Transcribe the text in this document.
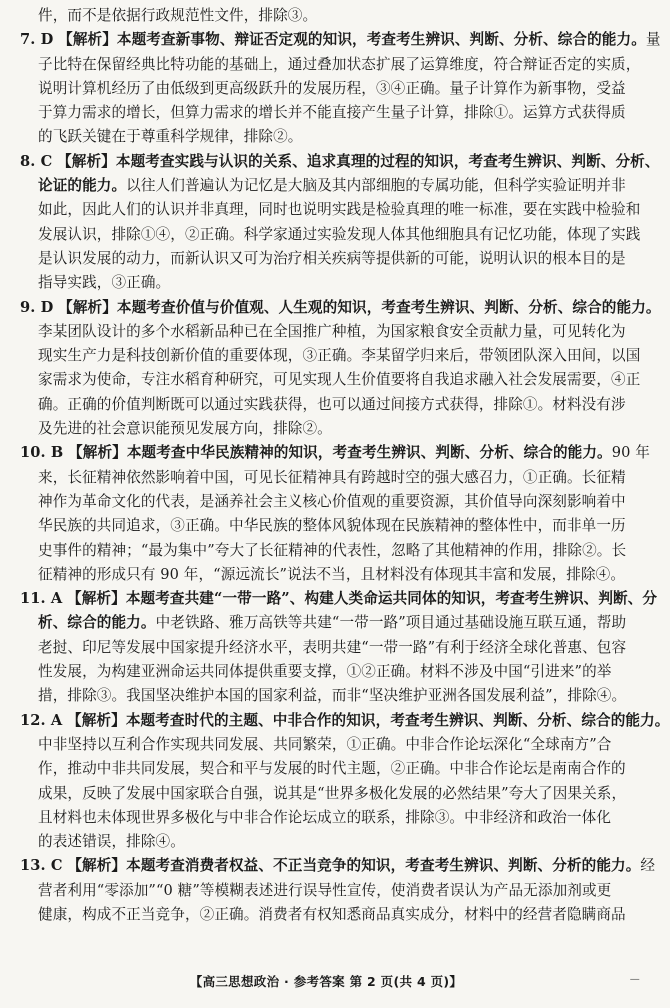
件，而不是依据行政规范性文件，排除③。
7. D 【解析】本题考查新事物、辩证否定观的知识，考查考生辨识、判断、分析、综合的能力。量
子比特在保留经典比特功能的基础上，通过叠加状态扩展了运算维度，符合辩证否定的实质，
说明计算机经历了由低级到更高级跃升的发展历程，③④正确。量子计算作为新事物，受益
于算力需求的增长，但算力需求的增长并不能直接产生量子计算，排除①。运算方式获得质
的飞跃关键在于尊重科学规律，排除②。
8. C 【解析】本题考查实践与认识的关系、追求真理的过程的知识，考查考生辨识、判断、分析、
论证的能力。以往人们普遍认为记忆是大脑及其内部细胞的专属功能，但科学实验证明并非
如此，因此人们的认识并非真理，同时也说明实践是检验真理的唯一标准，要在实践中检验和
发展认识，排除①④，②正确。科学家通过实验发现人体其他细胞具有记忆功能，体现了实践
是认识发展的动力，而新认识又可为治疗相关疾病等提供新的可能，说明认识的根本目的是
指导实践，③正确。
9. D 【解析】本题考查价值与价值观、人生观的知识，考查考生辨识、判断、分析、综合的能力。
李某团队设计的多个水稻新品种已在全国推广种植，为国家粮食安全贡献力量，可见转化为
现实生产力是科技创新价值的重要体现，③正确。李某留学归来后，带领团队深入田间，以国
家需求为使命，专注水稻育种研究，可见实现人生价值要将自我追求融入社会发展需要，④正
确。正确的价值判断既可以通过实践获得，也可以通过间接方式获得，排除①。材料没有涉
及先进的社会意识能预见发展方向，排除②。
10. B 【解析】本题考查中华民族精神的知识，考查考生辨识、判断、分析、综合的能力。90 年
来，长征精神依然影响着中国，可见长征精神具有跨越时空的强大感召力，①正确。长征精
神作为革命文化的代表，是涵养社会主义核心价值观的重要资源，其价值导向深刻影响着中
华民族的共同追求，③正确。中华民族的整体风貌体现在民族精神的整体性中，而非单一历
史事件的精神；“最为集中”夸大了长征精神的代表性，忽略了其他精神的作用，排除②。长
征精神的形成只有 90 年，“源远流长”说法不当，且材料没有体现其丰富和发展，排除④。
11. A 【解析】本题考查共建“一带一路”、构建人类命运共同体的知识，考查考生辨识、判断、分
析、综合的能力。中老铁路、雅万高铁等共建“一带一路”项目通过基础设施互联互通，帮助
老挝、印尼等发展中国家提升经济水平，表明共建“一带一路”有利于经济全球化普惠、包容
性发展，为构建亚洲命运共同体提供重要支撑，①②正确。材料不涉及中国“引进来”的举
措，排除③。我国坚决维护本国的国家利益，而非“坚决维护亚洲各国发展利益”，排除④。
12. A 【解析】本题考查时代的主题、中非合作的知识，考查考生辨识、判断、分析、综合的能力。
中非坚持以互利合作实现共同发展、共同繁荣，①正确。中非合作论坛深化“全球南方”合
作，推动中非共同发展，契合和平与发展的时代主题，②正确。中非合作论坛是南南合作的
成果，反映了发展中国家联合自强，说其是“世界多极化发展的必然结果”夸大了因果关系，
且材料也未体现世界多极化与中非合作论坛成立的联系，排除③。中非经济和政治一体化
的表述错误，排除④。
13. C 【解析】本题考查消费者权益、不正当竞争的知识，考查考生辨识、判断、分析的能力。经
营者利用“零添加”“0 糖”等模糊表述进行误导性宣传，使消费者误认为产品无添加剂或更
健康，构成不正当竞争，②正确。消费者有权知悉商品真实成分，材料中的经营者隐瞒商品
【高三思想政治 · 参考答案 第 2 页(共 4 页)】	—
